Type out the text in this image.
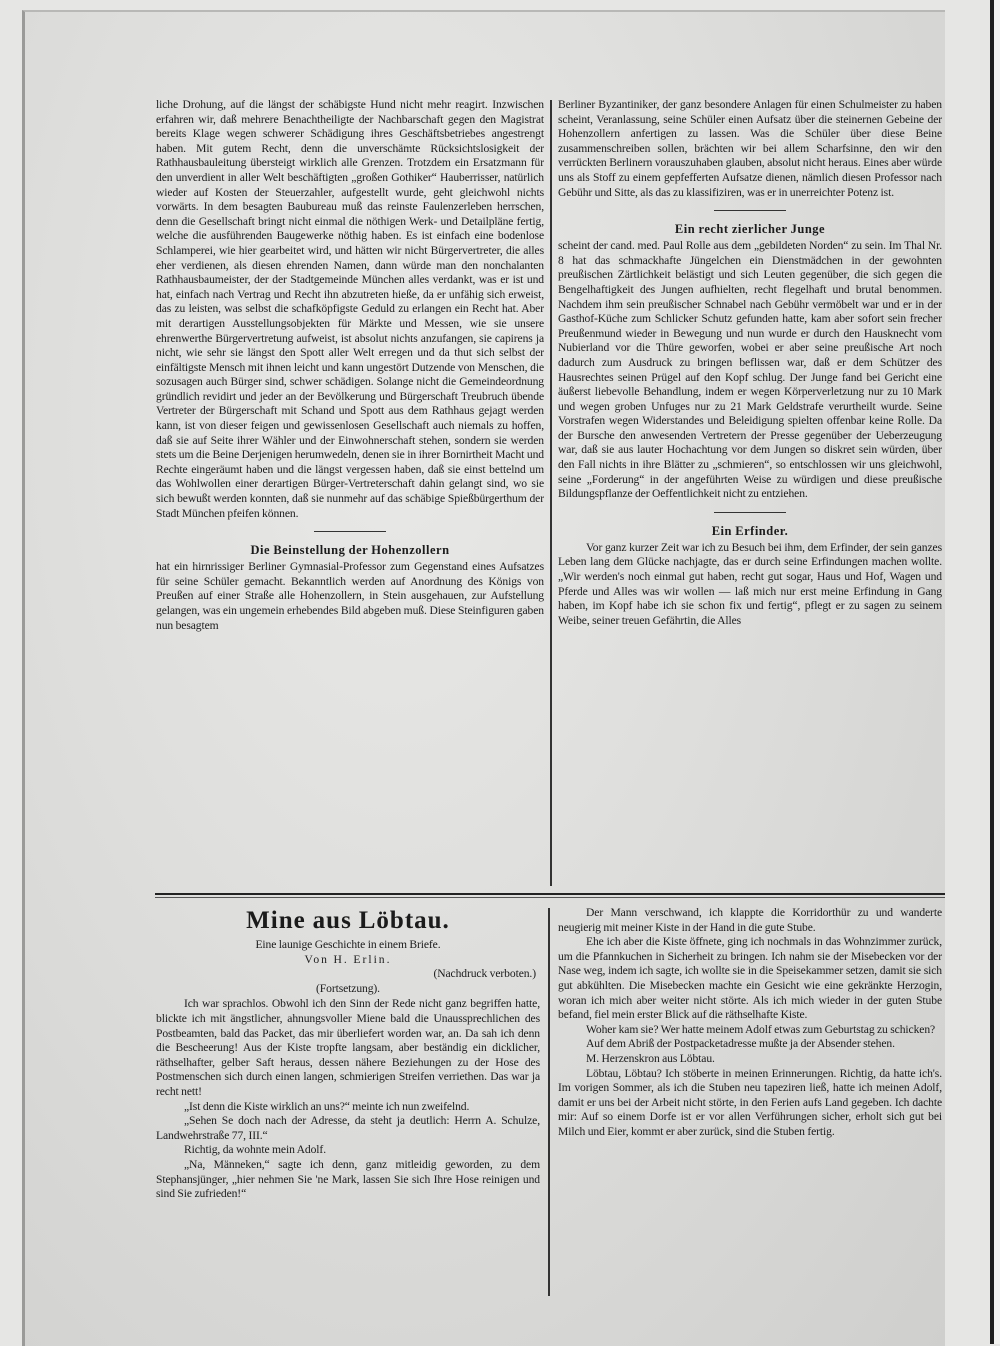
liche Drohung, auf die längst der schäbigste Hund nicht mehr reagirt. Inzwischen erfahren wir, daß mehrere Benachtheiligte der Nachbarschaft gegen den Magistrat bereits Klage wegen schwerer Schädigung ihres Geschäftsbetriebes angestrengt haben. Mit gutem Recht, denn die unverschämte Rücksichtslosigkeit der Rathhausbauleitung übersteigt wirklich alle Grenzen. Trotzdem ein Ersatzmann für den unverdient in aller Welt beschäftigten „großen Gothiker“ Hauberrisser, natürlich wieder auf Kosten der Steuerzahler, aufgestellt wurde, geht gleichwohl nichts vorwärts. In dem besagten Baubureau muß das reinste Faulenzerleben herrschen, denn die Gesellschaft bringt nicht einmal die nöthigen Werk- und Detailpläne fertig, welche die ausführenden Baugewerke nöthig haben. Es ist einfach eine bodenlose Schlamperei, wie hier gearbeitet wird, und hätten wir nicht Bürgervertreter, die alles eher verdienen, als diesen ehrenden Namen, dann würde man den nonchalanten Rathhausbaumeister, der der Stadtgemeinde München alles verdankt, was er ist und hat, einfach nach Vertrag und Recht ihn abzutreten hieße, da er unfähig sich erweist, das zu leisten, was selbst die schafköpfigste Geduld zu erlangen ein Recht hat. Aber mit derartigen Ausstellungsobjekten für Märkte und Messen, wie sie unsere ehrenwerthe Bürgervertretung aufweist, ist absolut nichts anzufangen, sie capirens ja nicht, wie sehr sie längst den Spott aller Welt erregen und da thut sich selbst der einfältigste Mensch mit ihnen leicht und kann ungestört Dutzende von Menschen, die sozusagen auch Bürger sind, schwer schädigen. Solange nicht die Gemeindeordnung gründlich revidirt und jeder an der Bevölkerung und Bürgerschaft Treubruch übende Vertreter der Bürgerschaft mit Schand und Spott aus dem Rathhaus gejagt werden kann, ist von dieser feigen und gewissenlosen Gesellschaft auch niemals zu hoffen, daß sie auf Seite ihrer Wähler und der Einwohnerschaft stehen, sondern sie werden stets um die Beine Derjenigen herumwedeln, denen sie in ihrer Bornirtheit Macht und Rechte eingeräumt haben und die längst vergessen haben, daß sie einst bettelnd um das Wohlwollen einer derartigen Bürger-Vertreterschaft dahin gelangt sind, wo sie sich bewußt werden konnten, daß sie nunmehr auf das schäbige Spießbürgerthum der Stadt München pfeifen können.

Die Beinstellung der Hohenzollern

hat ein hirnrissiger Berliner Gymnasial-Professor zum Gegenstand eines Aufsatzes für seine Schüler gemacht. Bekanntlich werden auf Anordnung des Königs von Preußen auf einer Straße alle Hohenzollern, in Stein ausgehauen, zur Aufstellung gelangen, was ein ungemein erhebendes Bild abgeben muß. Diese Steinfiguren gaben nun besagtem

Berliner Byzantiniker, der ganz besondere Anlagen für einen Schulmeister zu haben scheint, Veranlassung, seine Schüler einen Aufsatz über die steinernen Gebeine der Hohenzollern anfertigen zu lassen. Was die Schüler über diese Beine zusammenschreiben sollen, brächten wir bei allem Scharfsinne, den wir den verrückten Berlinern vorauszuhaben glauben, absolut nicht heraus. Eines aber würde uns als Stoff zu einem gepfefferten Aufsatze dienen, nämlich diesen Professor nach Gebühr und Sitte, als das zu klassifiziren, was er in unerreichter Potenz ist.

Ein recht zierlicher Junge

scheint der cand. med. Paul Rolle aus dem „gebildeten Norden“ zu sein. Im Thal Nr. 8 hat das schmackhafte Jüngelchen ein Dienstmädchen in der gewohnten preußischen Zärtlichkeit belästigt und sich Leuten gegenüber, die sich gegen die Bengelhaftigkeit des Jungen aufhielten, recht flegelhaft und brutal benommen. Nachdem ihm sein preußischer Schnabel nach Gebühr vermöbelt war und er in der Gasthof-Küche zum Schlicker Schutz gefunden hatte, kam aber sofort sein frecher Preußenmund wieder in Bewegung und nun wurde er durch den Hausknecht vom Nubierland vor die Thüre geworfen, wobei er aber seine preußische Art noch dadurch zum Ausdruck zu bringen beflissen war, daß er dem Schützer des Hausrechtes seinen Prügel auf den Kopf schlug. Der Junge fand bei Gericht eine äußerst liebevolle Behandlung, indem er wegen Körperverletzung nur zu 10 Mark und wegen groben Unfuges nur zu 21 Mark Geldstrafe verurtheilt wurde. Seine Vorstrafen wegen Widerstandes und Beleidigung spielten offenbar keine Rolle. Da der Bursche den anwesenden Vertretern der Presse gegenüber der Ueberzeugung war, daß sie aus lauter Hochachtung vor dem Jungen so diskret sein würden, über den Fall nichts in ihre Blätter zu „schmieren“, so entschlossen wir uns gleichwohl, seine „Forderung“ in der angeführten Weise zu würdigen und diese preußische Bildungspflanze der Oeffentlichkeit nicht zu entziehen.

Ein Erfinder.

Vor ganz kurzer Zeit war ich zu Besuch bei ihm, dem Erfinder, der sein ganzes Leben lang dem Glücke nachjagte, das er durch seine Erfindungen machen wollte. „Wir werden's noch einmal gut haben, recht gut sogar, Haus und Hof, Wagen und Pferde und Alles was wir wollen — laß mich nur erst meine Erfindung in Gang haben, im Kopf habe ich sie schon fix und fertig“, pflegt er zu sagen zu seinem Weibe, seiner treuen Gefährtin, die Alles

Mine aus Löbtau.
Eine launige Geschichte in einem Briefe.
Von H. Erlin.
(Nachdruck verboten.)
(Fortsetzung).

Ich war sprachlos. Obwohl ich den Sinn der Rede nicht ganz begriffen hatte, blickte ich mit ängstlicher, ahnungsvoller Miene bald die Unaussprechlichen des Postbeamten, bald das Packet, das mir überliefert worden war, an. Da sah ich denn die Bescheerung! Aus der Kiste tropfte langsam, aber beständig ein dicklicher, räthselhafter, gelber Saft heraus, dessen nähere Beziehungen zu der Hose des Postmenschen sich durch einen langen, schmierigen Streifen verriethen. Das war ja recht nett!

„Ist denn die Kiste wirklich an uns?“ meinte ich nun zweifelnd.

„Sehen Se doch nach der Adresse, da steht ja deutlich: Herrn A. Schulze, Landwehrstraße 77, III.“

Richtig, da wohnte mein Adolf.

„Na, Männeken,“ sagte ich denn, ganz mitleidig geworden, zu dem Stephansjünger, „hier nehmen Sie 'ne Mark, lassen Sie sich Ihre Hose reinigen und sind Sie zufrieden!“

Der Mann verschwand, ich klappte die Korridorthür zu und wanderte neugierig mit meiner Kiste in der Hand in die gute Stube.

Ehe ich aber die Kiste öffnete, ging ich nochmals in das Wohnzimmer zurück, um die Pfannkuchen in Sicherheit zu bringen. Ich nahm sie der Misebecken vor der Nase weg, indem ich sagte, ich wollte sie in die Speisekammer setzen, damit sie sich gut abkühlten. Die Misebecken machte ein Gesicht wie eine gekränkte Herzogin, woran ich mich aber weiter nicht störte. Als ich mich wieder in der guten Stube befand, fiel mein erster Blick auf die räthselhafte Kiste.

Woher kam sie? Wer hatte meinem Adolf etwas zum Geburtstag zu schicken?

Auf dem Abriß der Postpacketadresse mußte ja der Absender stehen.

M. Herzenskron aus Löbtau.

Löbtau, Löbtau? Ich stöberte in meinen Erinnerungen. Richtig, da hatte ich's. Im vorigen Sommer, als ich die Stuben neu tapeziren ließ, hatte ich meinen Adolf, damit er uns bei der Arbeit nicht störte, in den Ferien aufs Land gegeben. Ich dachte mir: Auf so einem Dorfe ist er vor allen Verführungen sicher, erholt sich gut bei Milch und Eier, kommt er aber zurück, sind die Stuben fertig.
